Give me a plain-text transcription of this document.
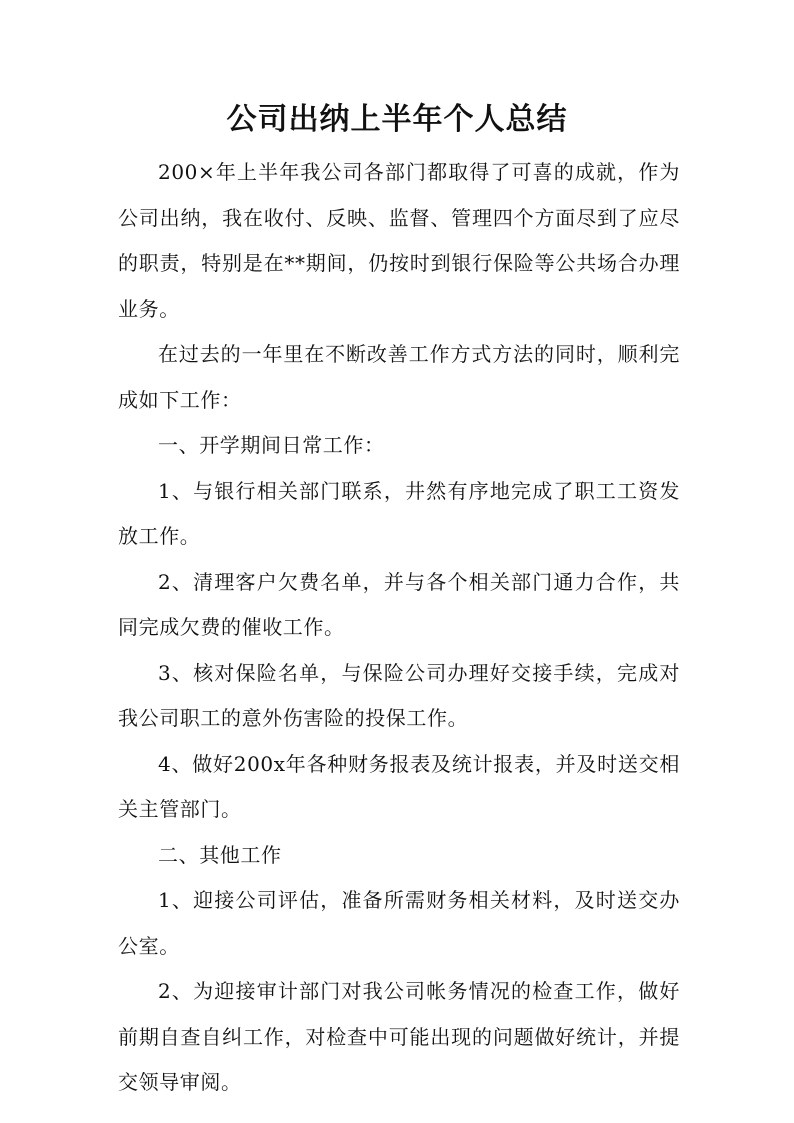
公司出纳上半年个人总结

200×年上半年我公司各部门都取得了可喜的成就，作为公司出纳，我在收付、反映、监督、管理四个方面尽到了应尽的职责，特别是在**期间，仍按时到银行保险等公共场合办理业务。

在过去的一年里在不断改善工作方式方法的同时，顺利完成如下工作：

一、开学期间日常工作：

1、与银行相关部门联系，井然有序地完成了职工工资发放工作。

2、清理客户欠费名单，并与各个相关部门通力合作，共同完成欠费的催收工作。

3、核对保险名单，与保险公司办理好交接手续，完成对我公司职工的意外伤害险的投保工作。

4、做好200x年各种财务报表及统计报表，并及时送交相关主管部门。

二、其他工作

1、迎接公司评估，准备所需财务相关材料，及时送交办公室。

2、为迎接审计部门对我公司帐务情况的检查工作，做好前期自查自纠工作，对检查中可能出现的问题做好统计，并提交领导审阅。
